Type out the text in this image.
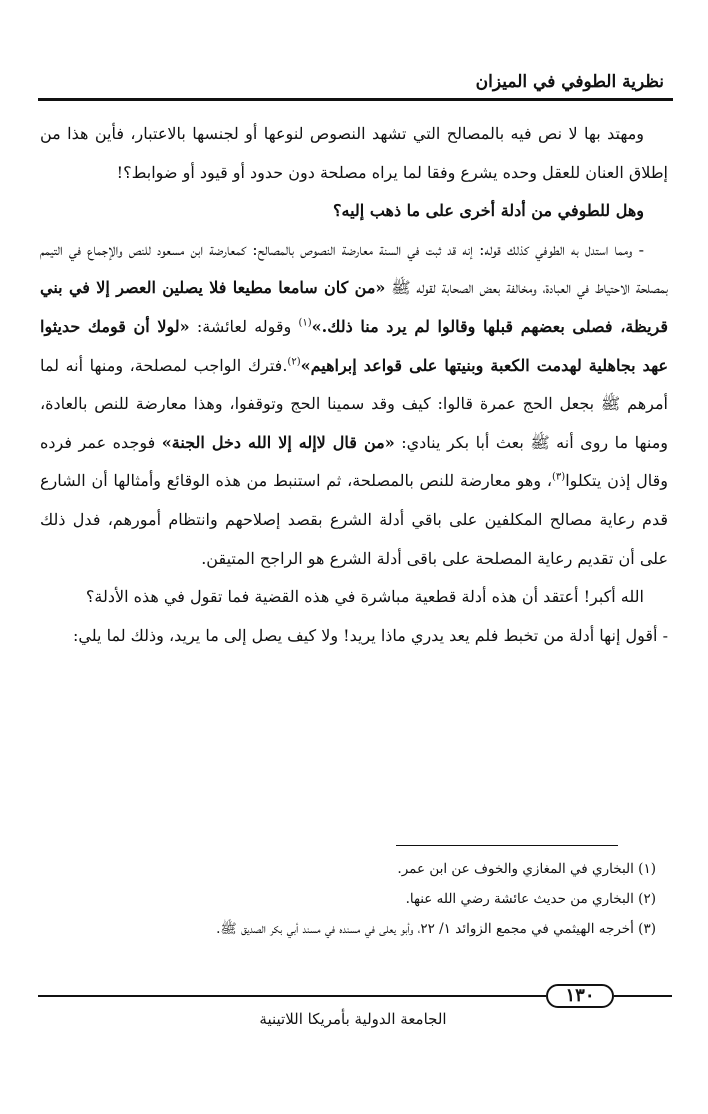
نظرية الطوفي في الميزان

ومهتد بها لا نص فيه بالمصالح التي تشهد النصوص لنوعها أو لجنسها بالاعتبار، فأين هذا من إطلاق العنان للعقل وحده يشرع وفقا لما يراه مصلحة دون حدود أو قيود أو ضوابط؟!

وهل للطوفي من أدلة أخرى على ما ذهب إليه؟

- ومما استدل به الطوفي كذلك قوله: إنه قد ثبت في السنة معارضة النصوص بالمصالح: كمعارضة ابن مسعود للنص والإجماع في التيمم بمصلحة الاحتياط في العبادة، ومخالفة بعض الصحابة لقوله ﷺ «من كان سامعا مطيعا فلا يصلين العصر إلا في بني قريظة، فصلى بعضهم قبلها وقالوا لم يرد منا ذلك.»$^{(١)}$ وقوله لعائشة: «لولا أن قومك حديثوا عهد بجاهلية لهدمت الكعبة وبنيتها على قواعد إبراهيم»$^{(٢)}$.فترك الواجب لمصلحة، ومنها أنه لما أمرهم ﷺ بجعل الحج عمرة قالوا: كيف وقد سمينا الحج وتوقفوا، وهذا معارضة للنص بالعادة، ومنها ما روى أنه ﷺ بعث أبا بكر ينادي: «من قال لاإله إلا الله دخل الجنة» فوجده عمر فرده وقال إذن يتكلوا$^{(٣)}$، وهو معارضة للنص بالمصلحة، ثم استنبط من هذه الوقائع وأمثالها أن الشارع قدم رعاية مصالح المكلفين على باقي أدلة الشرع بقصد إصلاحهم وانتظام أمورهم، فدل ذلك على أن تقديم رعاية المصلحة على باقى أدلة الشرع هو الراجح المتيقن.

الله أكبر! أعتقد أن هذه أدلة قطعية مباشرة في هذه القضية فما تقول في هذه الأدلة؟

- أقول إنها أدلة من تخبط فلم يعد يدري ماذا يريد! ولا كيف يصل إلى ما يريد، وذلك لما يلي:

(١) البخاري في المغازي والخوف عن ابن عمر.
(٢) البخاري من حديث عائشة رضي الله عنها.
(٣) أخرجه الهيثمي في مجمع الزوائد ١/ ٢٢، وأبو يعلى في مسنده في مسند أبي بكر الصديق ﷺ.
١٣٠
الجامعة الدولية بأمريكا اللاتينية
